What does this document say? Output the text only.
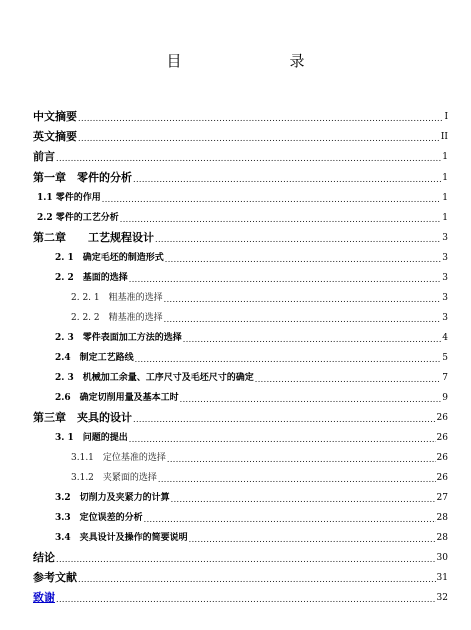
目　　录
中文摘要 .....	I
英文摘要 .....	II
前言 .....	1
第一章　零件的分析 .....	1
1.1 零件的作用 .....	1
2.2 零件的工艺分析 .....	1
第二章　　工艺规程设计 .....	3
2. 1　确定毛坯的制造形式 .....	3
2. 2　基面的选择 .....	3
2. 2. 1　粗基准的选择 .....	3
2. 2. 2　精基准的选择 .....	3
2. 3　零件表面加工方法的选择 .....	4
2.4　制定工艺路线 .....	5
2. 3　机械加工余量、工序尺寸及毛坯尺寸的确定 .....	7
2.6　确定切削用量及基本工时 .....	9
第三章　夹具的设计 .....	26
3. 1　问题的提出 .....	26
3.1.1　定位基准的选择 .....	26
3.1.2　夹紧面的选择 .....	26
3.2　切削力及夹紧力的计算 .....	27
3.3　定位误差的分析 .....	28
3.4　夹具设计及操作的简要说明 .....	28
结论 .....	30
参考文献 .....	31
致谢 .....	32
